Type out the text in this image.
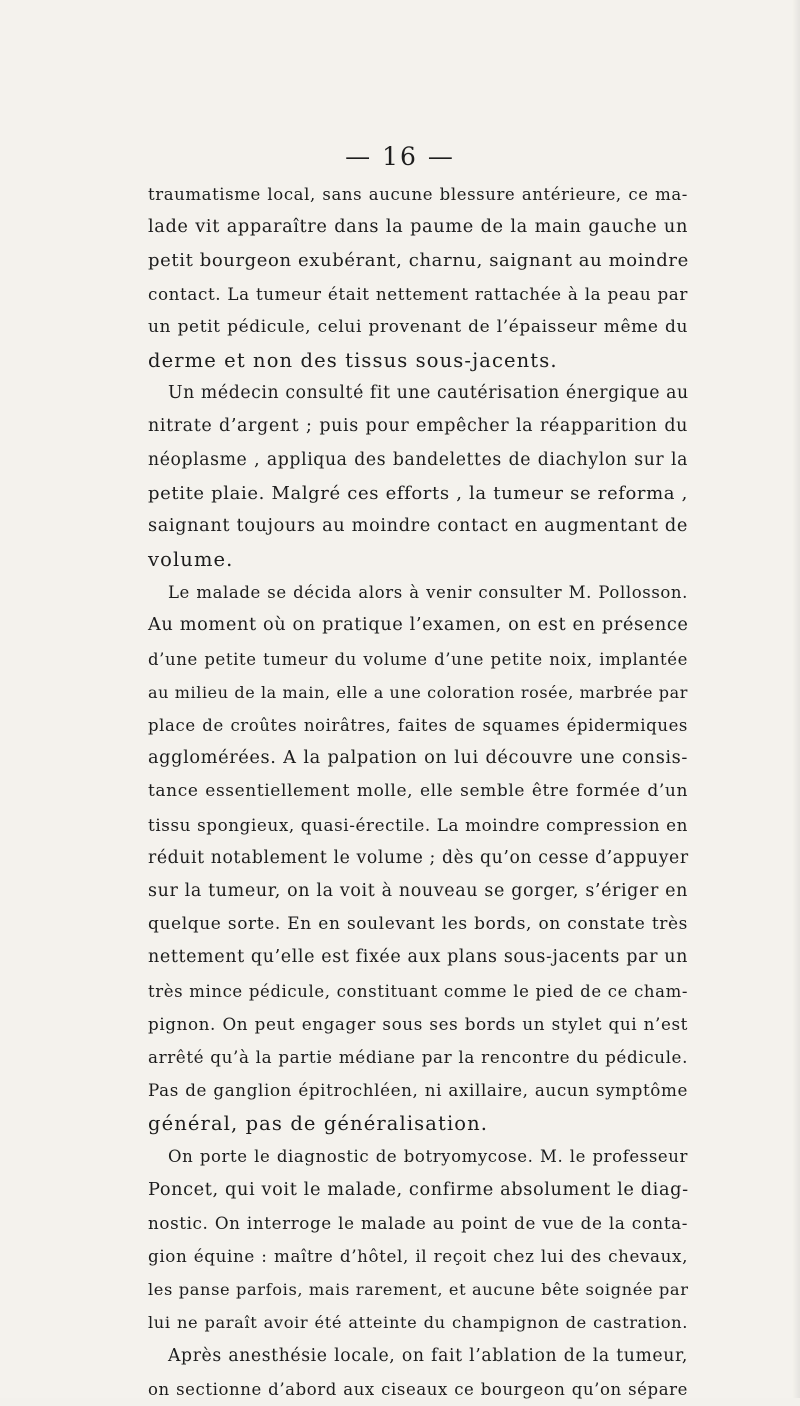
— 16 —
traumatisme local, sans aucune blessure antérieure, ce ma-
lade vit apparaître dans la paume de la main gauche un
petit bourgeon exubérant, charnu, saignant au moindre
contact. La tumeur était nettement rattachée à la peau par
un petit pédicule, celui provenant de l’épaisseur même du
derme et non des tissus sous-jacents.
Un médecin consulté fit une cautérisation énergique au
nitrate d’argent ; puis pour empêcher la réapparition du
néoplasme , appliqua des bandelettes de diachylon sur la
petite plaie. Malgré ces efforts , la tumeur se reforma ,
saignant toujours au moindre contact en augmentant de
volume.
Le malade se décida alors à venir consulter M. Pollosson.
Au moment où on pratique l’examen, on est en présence
d’une petite tumeur du volume d’une petite noix, implantée
au milieu de la main, elle a une coloration rosée, marbrée par
place de croûtes noirâtres, faites de squames épidermiques
agglomérées. A la palpation on lui découvre une consis-
tance essentiellement molle, elle semble être formée d’un
tissu spongieux, quasi-érectile. La moindre compression en
réduit notablement le volume ; dès qu’on cesse d’appuyer
sur la tumeur, on la voit à nouveau se gorger, s’ériger en
quelque sorte. En en soulevant les bords, on constate très
nettement qu’elle est fixée aux plans sous-jacents par un
très mince pédicule, constituant comme le pied de ce cham-
pignon. On peut engager sous ses bords un stylet qui n’est
arrêté qu’à la partie médiane par la rencontre du pédicule.
Pas de ganglion épitrochléen, ni axillaire, aucun symptôme
général, pas de généralisation.
On porte le diagnostic de botryomycose. M. le professeur
Poncet, qui voit le malade, confirme absolument le diag-
nostic. On interroge le malade au point de vue de la conta-
gion équine : maître d’hôtel, il reçoit chez lui des chevaux,
les panse parfois, mais rarement, et aucune bête soignée par
lui ne paraît avoir été atteinte du champignon de castration.
Après anesthésie locale, on fait l’ablation de la tumeur,
on sectionne d’abord aux ciseaux ce bourgeon qu’on sépare
